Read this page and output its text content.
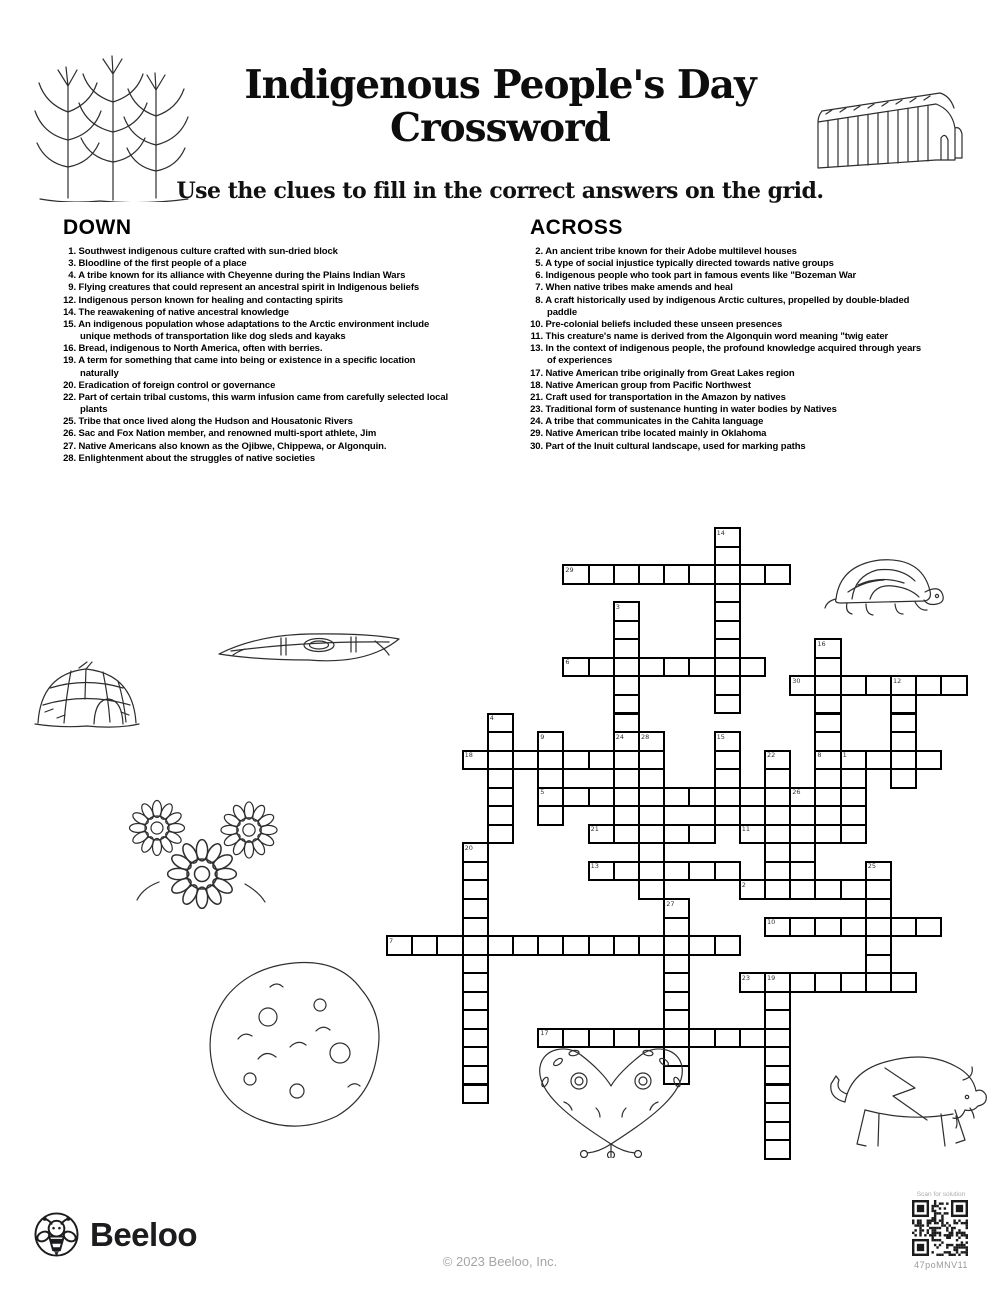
Indigenous People's Day Crossword

Use the clues to fill in the correct answers on the grid.

DOWN
1. Southwest indigenous culture crafted with sun-dried block
3. Bloodline of the first people of a place
4. A tribe known for its alliance with Cheyenne during the Plains Indian Wars
9. Flying creatures that could represent an ancestral spirit in Indigenous beliefs
12. Indigenous person known for healing and contacting spirits
14. The reawakening of native ancestral knowledge
15. An indigenous population whose adaptations to the Arctic environment include unique methods of transportation like dog sleds and kayaks
16. Bread, indigenous to North America, often with berries.
19. A term for something that came into being or existence in a specific location naturally
20. Eradication of foreign control or governance
22. Part of certain tribal customs, this warm infusion came from carefully selected local plants
25. Tribe that once lived along the Hudson and Housatonic Rivers
26. Sac and Fox Nation member, and renowned multi-sport athlete, Jim
27. Native Americans also known as the Ojibwe, Chippewa, or Algonquin.
28. Enlightenment about the struggles of native societies
ACROSS
2. An ancient tribe known for their Adobe multilevel houses
5. A type of social injustice typically directed towards native groups
6. Indigenous people who took part in famous events like "Bozeman War
7. When native tribes make amends and heal
8. A craft historically used by indigenous Arctic cultures, propelled by double-bladed paddle
10. Pre-colonial beliefs included these unseen presences
11. This creature's name is derived from the Algonquin word meaning "twig eater
13. In the context of indigenous people, the profound knowledge acquired through years of experiences
17. Native American tribe originally from Great Lakes region
18. Native American group from Pacific Northwest
21. Craft used for transportation in the Amazon by natives
23. Traditional form of sustenance hunting in water bodies by Natives
24. A tribe that communicates in the Cahita language
29. Native American tribe located mainly in Oklahoma
30. Part of the Inuit cultural landscape, used for marking paths
29
6
30
18	8
5
21	11
13
2
10
7
23
17
14
3
16
12
4
9	24	28	15
1
22
26
20
25
27
19
Beeloo
© 2023 Beeloo, Inc.
Scan for solution
47poMNV11
